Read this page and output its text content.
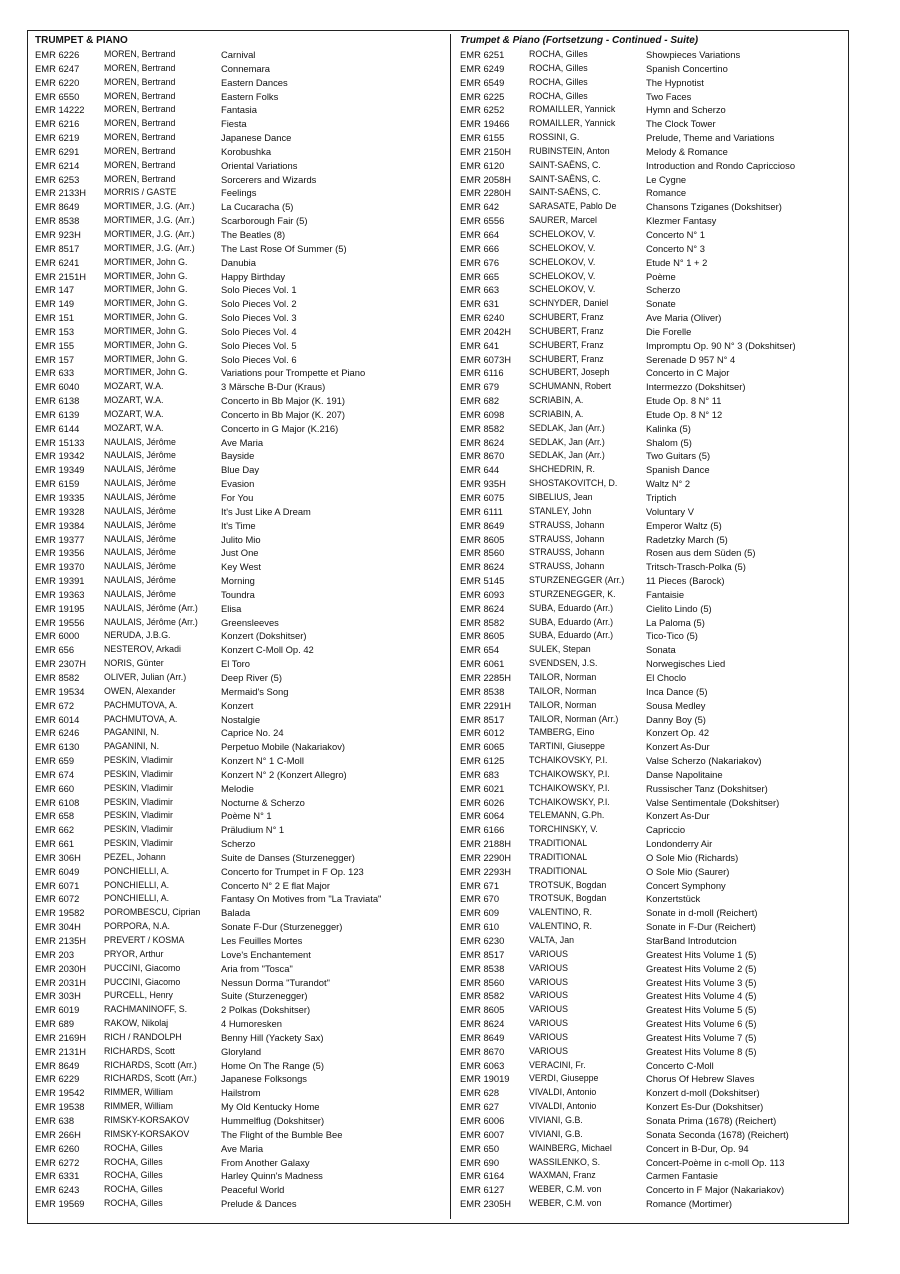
TRUMPET & PIANO
EMR 6226	MOREN, Bertrand	Carnival
EMR 6247	MOREN, Bertrand	Connemara
EMR 6220	MOREN, Bertrand	Eastern Dances
EMR 6550	MOREN, Bertrand	Eastern Folks
EMR 14222	MOREN, Bertrand	Fantasia
EMR 6216	MOREN, Bertrand	Fiesta
EMR 6219	MOREN, Bertrand	Japanese Dance
EMR 6291	MOREN, Bertrand	Korobushka
EMR 6214	MOREN, Bertrand	Oriental Variations
EMR 6253	MOREN, Bertrand	Sorcerers and Wizards
EMR 2133H	MORRIS / GASTE	Feelings
EMR 8649	MORTIMER, J.G. (Arr.)	La Cucaracha (5)
EMR 8538	MORTIMER, J.G. (Arr.)	Scarborough Fair (5)
EMR 923H	MORTIMER, J.G. (Arr.)	The Beatles (8)
EMR 8517	MORTIMER, J.G. (Arr.)	The Last Rose Of Summer (5)
EMR 6241	MORTIMER, John G.	Danubia
EMR 2151H	MORTIMER, John G.	Happy Birthday
EMR 147	MORTIMER, John G.	Solo Pieces Vol. 1
EMR 149	MORTIMER, John G.	Solo Pieces Vol. 2
EMR 151	MORTIMER, John G.	Solo Pieces Vol. 3
EMR 153	MORTIMER, John G.	Solo Pieces Vol. 4
EMR 155	MORTIMER, John G.	Solo Pieces Vol. 5
EMR 157	MORTIMER, John G.	Solo Pieces Vol. 6
EMR 633	MORTIMER, John G.	Variations pour Trompette et Piano
EMR 6040	MOZART, W.A.	3 Märsche B-Dur (Kraus)
EMR 6138	MOZART, W.A.	Concerto in Bb Major (K. 191)
EMR 6139	MOZART, W.A.	Concerto in Bb Major (K. 207)
EMR 6144	MOZART, W.A.	Concerto in G Major (K.216)
EMR 15133	NAULAIS, Jérôme	Ave Maria
EMR 19342	NAULAIS, Jérôme	Bayside
EMR 19349	NAULAIS, Jérôme	Blue Day
EMR 6159	NAULAIS, Jérôme	Evasion
EMR 19335	NAULAIS, Jérôme	For You
EMR 19328	NAULAIS, Jérôme	It's Just Like A Dream
EMR 19384	NAULAIS, Jérôme	It's Time
EMR 19377	NAULAIS, Jérôme	Julito Mio
EMR 19356	NAULAIS, Jérôme	Just One
EMR 19370	NAULAIS, Jérôme	Key West
EMR 19391	NAULAIS, Jérôme	Morning
EMR 19363	NAULAIS, Jérôme	Toundra
EMR 19195	NAULAIS, Jérôme (Arr.)	Elisa
EMR 19556	NAULAIS, Jérôme (Arr.)	Greensleeves
EMR 6000	NERUDA, J.B.G.	Konzert (Dokshitser)
EMR 656	NESTEROV, Arkadi	Konzert C-Moll Op. 42
EMR 2307H	NORIS, Günter	El Toro
EMR 8582	OLIVER, Julian (Arr.)	Deep River (5)
EMR 19534	OWEN, Alexander	Mermaid's Song
EMR 672	PACHMUTOVA, A.	Konzert
EMR 6014	PACHMUTOVA, A.	Nostalgie
EMR 6246	PAGANINI, N.	Caprice No. 24
EMR 6130	PAGANINI, N.	Perpetuo Mobile (Nakariakov)
EMR 659	PESKIN, Vladimir	Konzert N° 1 C-Moll
EMR 674	PESKIN, Vladimir	Konzert N° 2 (Konzert Allegro)
EMR 660	PESKIN, Vladimir	Melodie
EMR 6108	PESKIN, Vladimir	Nocturne & Scherzo
EMR 658	PESKIN, Vladimir	Poème N° 1
EMR 662	PESKIN, Vladimir	Präludium N° 1
EMR 661	PESKIN, Vladimir	Scherzo
EMR 306H	PEZEL, Johann	Suite de Danses (Sturzenegger)
EMR 6049	PONCHIELLI, A.	Concerto for Trumpet in F Op. 123
EMR 6071	PONCHIELLI, A.	Concerto N° 2 E flat Major
EMR 6072	PONCHIELLI, A.	Fantasy On Motives from "La Traviata"
EMR 19582	POROMBESCU, Ciprian	Balada
EMR 304H	PORPORA, N.A.	Sonate F-Dur (Sturzenegger)
EMR 2135H	PREVERT / KOSMA	Les Feuilles Mortes
EMR 203	PRYOR, Arthur	Love's Enchantement
EMR 2030H	PUCCINI, Giacomo	Aria from "Tosca"
EMR 2031H	PUCCINI, Giacomo	Nessun Dorma "Turandot"
EMR 303H	PURCELL, Henry	Suite (Sturzenegger)
EMR 6019	RACHMANINOFF, S.	2 Polkas (Dokshitser)
EMR 689	RAKOW, Nikolaj	4 Humoresken
EMR 2169H	RICH / RANDOLPH	Benny Hill (Yackety Sax)
EMR 2131H	RICHARDS, Scott	Gloryland
EMR 8649	RICHARDS, Scott (Arr.)	Home On The Range (5)
EMR 6229	RICHARDS, Scott (Arr.)	Japanese Folksongs
EMR 19542	RIMMER, William	Hailstrom
EMR 19538	RIMMER, William	My Old Kentucky Home
EMR 638	RIMSKY-KORSAKOV	Hummelflug (Dokshitser)
EMR 266H	RIMSKY-KORSAKOV	The Flight of the Bumble Bee
EMR 6260	ROCHA, Gilles	Ave Maria
EMR 6272	ROCHA, Gilles	From Another Galaxy
EMR 6331	ROCHA, Gilles	Harley Quinn's Madness
EMR 6243	ROCHA, Gilles	Peaceful World
EMR 19569	ROCHA, Gilles	Prelude & Dances
Trumpet & Piano (Fortsetzung - Continued - Suite)
EMR 6251	ROCHA, Gilles	Showpieces Variations
EMR 6249	ROCHA, Gilles	Spanish Concertino
EMR 6549	ROCHA, Gilles	The Hypnotist
EMR 6225	ROCHA, Gilles	Two Faces
EMR 6252	ROMAILLER, Yannick	Hymn and Scherzo
EMR 19466	ROMAILLER, Yannick	The Clock Tower
EMR 6155	ROSSINI, G.	Prelude, Theme and Variations
EMR 2150H	RUBINSTEIN, Anton	Melody & Romance
EMR 6120	SAINT-SAËNS, C.	Introduction and Rondo Capriccioso
EMR 2058H	SAINT-SAËNS, C.	Le Cygne
EMR 2280H	SAINT-SAËNS, C.	Romance
EMR 642	SARASATE, Pablo De	Chansons Tziganes (Dokshitser)
EMR 6556	SAURER, Marcel	Klezmer Fantasy
EMR 664	SCHELOKOV, V.	Concerto N° 1
EMR 666	SCHELOKOV, V.	Concerto N° 3
EMR 676	SCHELOKOV, V.	Etude N° 1 + 2
EMR 665	SCHELOKOV, V.	Poème
EMR 663	SCHELOKOV, V.	Scherzo
EMR 631	SCHNYDER, Daniel	Sonate
EMR 6240	SCHUBERT, Franz	Ave Maria (Oliver)
EMR 2042H	SCHUBERT, Franz	Die Forelle
EMR 641	SCHUBERT, Franz	Impromptu Op. 90 N° 3 (Dokshitser)
EMR 6073H	SCHUBERT, Franz	Serenade D 957 N° 4
EMR 6116	SCHUBERT, Joseph	Concerto in C Major
EMR 679	SCHUMANN, Robert	Intermezzo (Dokshitser)
EMR 682	SCRIABIN, A.	Etude Op. 8 N° 11
EMR 6098	SCRIABIN, A.	Etude Op. 8 N° 12
EMR 8582	SEDLAK, Jan (Arr.)	Kalinka (5)
EMR 8624	SEDLAK, Jan (Arr.)	Shalom (5)
EMR 8670	SEDLAK, Jan (Arr.)	Two Guitars (5)
EMR 644	SHCHEDRIN, R.	Spanish Dance
EMR 935H	SHOSTAKOVITCH, D.	Waltz N° 2
EMR 6075	SIBELIUS, Jean	Triptich
EMR 6111	STANLEY, John	Voluntary V
EMR 8649	STRAUSS, Johann	Emperor Waltz (5)
EMR 8605	STRAUSS, Johann	Radetzky March (5)
EMR 8560	STRAUSS, Johann	Rosen aus dem Süden (5)
EMR 8624	STRAUSS, Johann	Tritsch-Trasch-Polka (5)
EMR 5145	STURZENEGGER (Arr.)	11 Pieces (Barock)
EMR 6093	STURZENEGGER, K.	Fantaisie
EMR 8624	SUBA, Eduardo (Arr.)	Cielito Lindo (5)
EMR 8582	SUBA, Eduardo (Arr.)	La Paloma (5)
EMR 8605	SUBA, Eduardo (Arr.)	Tico-Tico (5)
EMR 654	SULEK, Stepan	Sonata
EMR 6061	SVENDSEN, J.S.	Norwegisches Lied
EMR 2285H	TAILOR, Norman	El Choclo
EMR 8538	TAILOR, Norman	Inca Dance (5)
EMR 2291H	TAILOR, Norman	Sousa Medley
EMR 8517	TAILOR, Norman (Arr.)	Danny Boy (5)
EMR 6012	TAMBERG, Eino	Konzert Op. 42
EMR 6065	TARTINI, Giuseppe	Konzert As-Dur
EMR 6125	TCHAIKOVSKY, P.I.	Valse Scherzo (Nakariakov)
EMR 683	TCHAIKOWSKY, P.I.	Danse Napolitaine
EMR 6021	TCHAIKOWSKY, P.I.	Russischer Tanz (Dokshitser)
EMR 6026	TCHAIKOWSKY, P.I.	Valse Sentimentale (Dokshitser)
EMR 6064	TELEMANN, G.Ph.	Konzert As-Dur
EMR 6166	TORCHINSKY, V.	Capriccio
EMR 2188H	TRADITIONAL	Londonderry Air
EMR 2290H	TRADITIONAL	O Sole Mio (Richards)
EMR 2293H	TRADITIONAL	O Sole Mio (Saurer)
EMR 671	TROTSUK, Bogdan	Concert Symphony
EMR 670	TROTSUK, Bogdan	Konzertstück
EMR 609	VALENTINO, R.	Sonate in d-moll (Reichert)
EMR 610	VALENTINO, R.	Sonate in F-Dur (Reichert)
EMR 6230	VALTA, Jan	StarBand Introdutcion
EMR 8517	VARIOUS	Greatest Hits Volume 1 (5)
EMR 8538	VARIOUS	Greatest Hits Volume 2 (5)
EMR 8560	VARIOUS	Greatest Hits Volume 3 (5)
EMR 8582	VARIOUS	Greatest Hits Volume 4 (5)
EMR 8605	VARIOUS	Greatest Hits Volume 5 (5)
EMR 8624	VARIOUS	Greatest Hits Volume 6 (5)
EMR 8649	VARIOUS	Greatest Hits Volume 7 (5)
EMR 8670	VARIOUS	Greatest Hits Volume 8 (5)
EMR 6063	VERACINI, Fr.	Concerto C-Moll
EMR 19019	VERDI, Giuseppe	Chorus Of Hebrew Slaves
EMR 628	VIVALDI, Antonio	Konzert d-moll (Dokshitser)
EMR 627	VIVALDI, Antonio	Konzert Es-Dur (Dokshitser)
EMR 6006	VIVIANI, G.B.	Sonata Prima (1678) (Reichert)
EMR 6007	VIVIANI, G.B.	Sonata Seconda (1678) (Reichert)
EMR 650	WAINBERG, Michael	Concert in B-Dur, Op. 94
EMR 690	WASSILENKO, S.	Concert-Poème in c-moll Op. 113
EMR 6164	WAXMAN, Franz	Carmen Fantasie
EMR 6127	WEBER, C.M. von	Concerto in F Major (Nakariakov)
EMR 2305H	WEBER, C.M. von	Romance (Mortimer)
